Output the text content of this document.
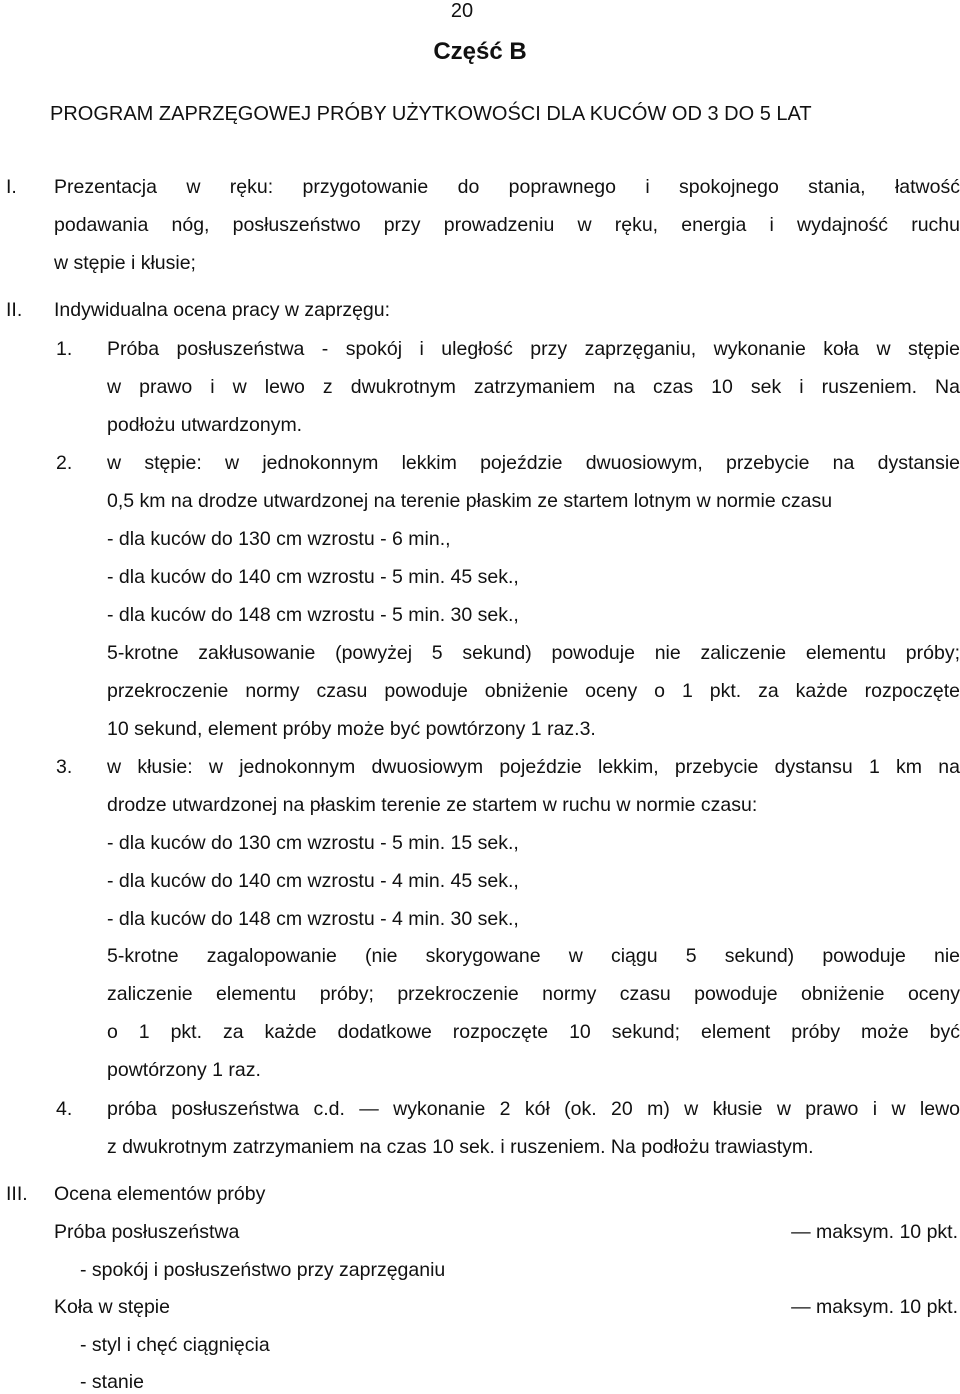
20
Część B
PROGRAM ZAPRZĘGOWEJ PRÓBY UŻYTKOWOŚCI DLA KUCÓW OD 3 DO 5 LAT
I. Prezentacja w ręku: przygotowanie do poprawnego i spokojnego stania, łatwość
podawania nóg, posłuszeństwo przy prowadzeniu w ręku, energia i wydajność ruchu
w stępie i kłusie;
II. Indywidualna ocena pracy w zaprzęgu:
1. Próba posłuszeństwa - spokój i uległość przy zaprzęganiu, wykonanie koła w stępie
w prawo i w lewo z dwukrotnym zatrzymaniem na czas 10 sek i ruszeniem. Na
podłożu utwardzonym.
2. w stępie: w jednokonnym lekkim pojeździe dwuosiowym, przebycie na dystansie
0,5 km na drodze utwardzonej na terenie płaskim ze startem lotnym w normie czasu
- dla kuców do 130 cm wzrostu - 6 min.,
- dla kuców do 140 cm wzrostu - 5 min. 45 sek.,
- dla kuców do 148 cm wzrostu - 5 min. 30 sek.,
5-krotne zakłusowanie (powyżej 5 sekund) powoduje nie zaliczenie elementu próby;
przekroczenie normy czasu powoduje obniżenie oceny o 1 pkt. za każde rozpoczęte
10 sekund, element próby może być powtórzony 1 raz.3.
3. w kłusie: w jednokonnym dwuosiowym pojeździe lekkim, przebycie dystansu 1 km na
drodze utwardzonej na płaskim terenie ze startem w ruchu w normie czasu:
- dla kuców do 130 cm wzrostu - 5 min. 15 sek.,
- dla kuców do 140 cm wzrostu - 4 min. 45 sek.,
- dla kuców do 148 cm wzrostu - 4 min. 30 sek.,
5-krotne zagalopowanie (nie skorygowane w ciągu 5 sekund) powoduje nie
zaliczenie elementu próby; przekroczenie normy czasu powoduje obniżenie oceny
o 1 pkt. za każde dodatkowe rozpoczęte 10 sekund; element próby może być
powtórzony 1 raz.
4. próba posłuszeństwa c.d. — wykonanie 2 kół (ok. 20 m) w kłusie w prawo i w lewo
z dwukrotnym zatrzymaniem na czas 10 sek. i ruszeniem. Na podłożu trawiastym.
III. Ocena elementów próby
Próba posłuszeństwa	— maksym. 10 pkt.
- spokój i posłuszeństwo przy zaprzęganiu
Koła w stępie	— maksym. 10 pkt.
- styl i chęć ciągnięcia
- stanie
